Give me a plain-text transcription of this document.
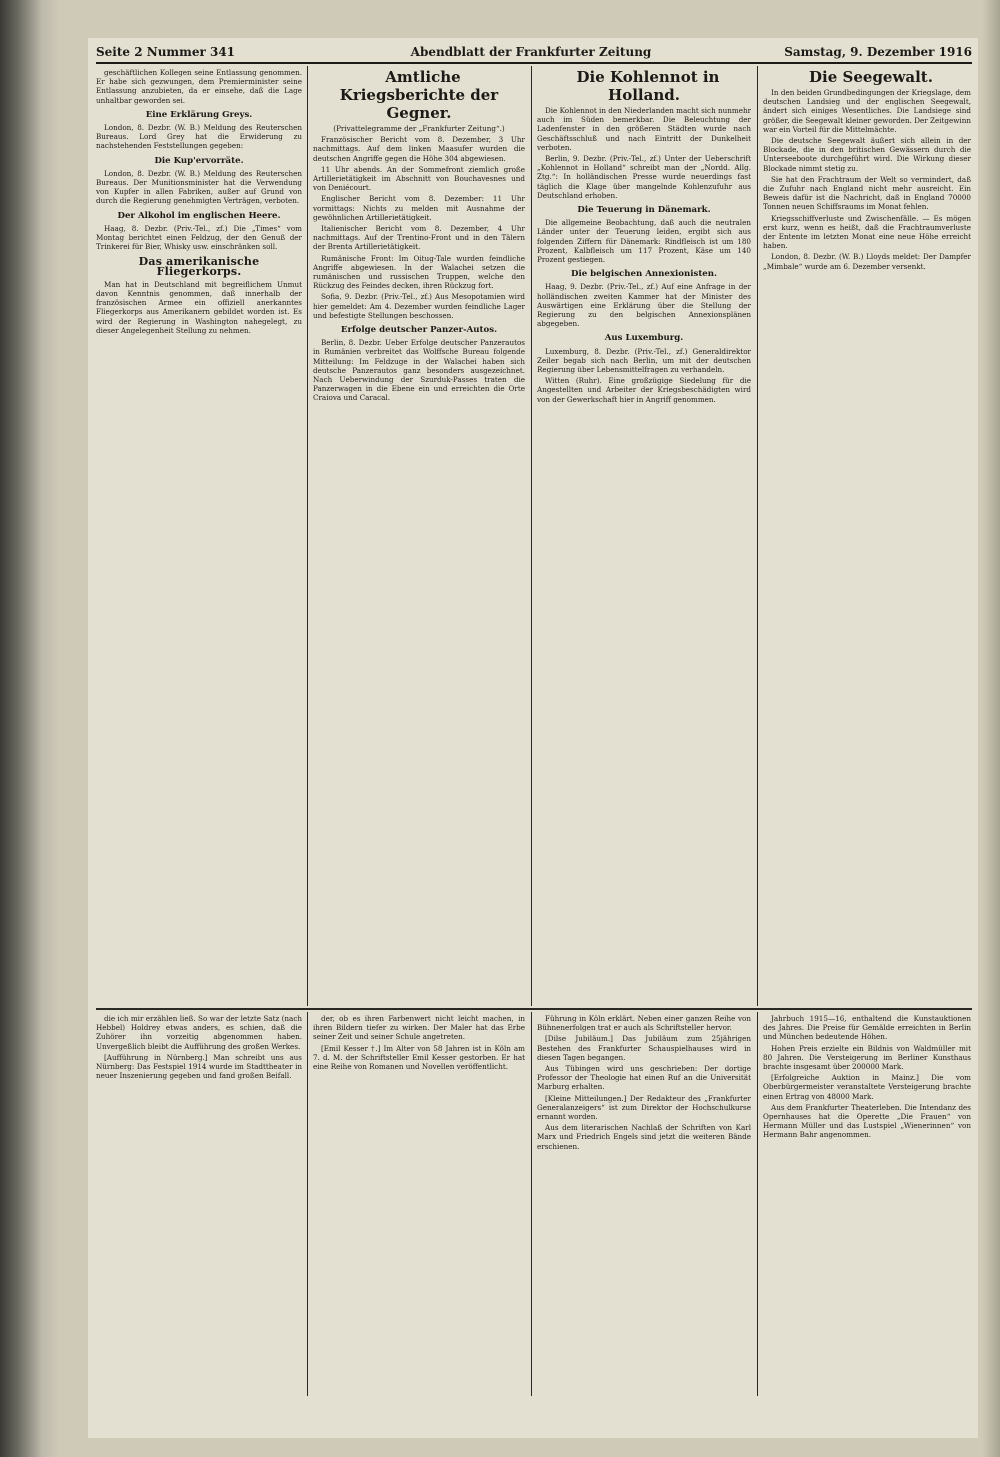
Seite 2 Nummer 341	Abendblatt der Frankfurter Zeitung	Samstag, 9. Dezember 1916

geschäftlichen Kollegen seine Entlassung genommen. Er habe sich gezwungen, dem Premierminister seine Entlassung anzubieten, da er einsehe, daß die Lage unhaltbar geworden sei.

Eine Erklärung Greys.

London, 8. Dezbr. (W. B.) Meldung des Reuterschen Bureaus. Lord Grey hat die Erwiderung zu nachstehenden Feststellungen gegeben:

Die Kup'ervorräte.

London, 8. Dezbr. (W. B.) Meldung des Reuterschen Bureaus. Der Munitionsminister hat die Verwendung von Kupfer in allen Fabriken, außer auf Grund von durch die Regierung genehmigten Verträgen, verboten.

Der Alkohol im englischen Heere.

Haag, 8. Dezbr. (Priv.-Tel., zf.) Die „Times“ vom Montag berichtet einen Feldzug, der den Genuß der Trinkerei für Bier, Whisky usw. einschränken soll.

Das amerikanische Fliegerkorps.

Man hat in Deutschland mit begreiflichem Unmut davon Kenntnis genommen, daß innerhalb der französischen Armee ein offiziell anerkanntes Fliegerkorps aus Amerikanern gebildet worden ist. Es wird der Regierung in Washington nahegelegt, zu dieser Angelegenheit Stellung zu nehmen.

Amtliche Kriegsberichte der Gegner.

(Privattelegramme der „Frankfurter Zeitung“.)

Französischer Bericht vom 8. Dezember, 3 Uhr nachmittags. Auf dem linken Maasufer wurden die deutschen Angriffe gegen die Höhe 304 abgewiesen.

11 Uhr abends. An der Sommefront ziemlich große Artillerietätigkeit im Abschnitt von Bouchavesnes und von Deniécourt.

Englischer Bericht vom 8. Dezember: 11 Uhr vormittags: Nichts zu melden mit Ausnahme der gewöhnlichen Artillerietätigkeit.

Italienischer Bericht vom 8. Dezember, 4 Uhr nachmittags. Auf der Trentino-Front und in den Tälern der Brenta Artillerietätigkeit.

Rumänische Front: Im Oitug-Tale wurden feindliche Angriffe abgewiesen. In der Walachei setzen die rumänischen und russischen Truppen, welche den Rückzug des Feindes decken, ihren Rückzug fort.

Sofia, 9. Dezbr. (Priv.-Tel., zf.) Aus Mesopotamien wird hier gemeldet: Am 4. Dezember wurden feindliche Lager und befestigte Stellungen beschossen.

Erfolge deutscher Panzer-Autos.

Berlin, 8. Dezbr. Ueber Erfolge deutscher Panzerautos in Rumänien verbreitet das Wolffsche Bureau folgende Mitteilung: Im Feldzuge in der Walachei haben sich deutsche Panzerautos ganz besonders ausgezeichnet. Nach Ueberwindung der Szurduk-Passes traten die Panzerwagen in die Ebene ein und erreichten die Orte Craiova und Caracal.

Die Kohlennot in Holland.

Die Kohlennot in den Niederlanden macht sich nunmehr auch im Süden bemerkbar. Die Beleuchtung der Ladenfenster in den größeren Städten wurde nach Geschäftsschluß und nach Eintritt der Dunkelheit verboten.

Berlin, 9. Dezbr. (Priv.-Tel., zf.) Unter der Ueberschrift „Kohlennot in Holland“ schreibt man der „Nordd. Allg. Ztg.“: In holländischen Presse wurde neuerdings fast täglich die Klage über mangelnde Kohlenzufuhr aus Deutschland erhoben.

Die Teuerung in Dänemark.

Die allgemeine Beobachtung, daß auch die neutralen Länder unter der Teuerung leiden, ergibt sich aus folgenden Ziffern für Dänemark: Rindfleisch ist um 180 Prozent, Kalbfleisch um 117 Prozent, Käse um 140 Prozent gestiegen.

Die belgischen Annexionisten.

Haag, 9. Dezbr. (Priv.-Tel., zf.) Auf eine Anfrage in der holländischen zweiten Kammer hat der Minister des Auswärtigen eine Erklärung über die Stellung der Regierung zu den belgischen Annexionsplänen abgegeben.

Aus Luxemburg.

Luxemburg, 8. Dezbr. (Priv.-Tel., zf.) Generaldirektor Zeiler begab sich nach Berlin, um mit der deutschen Regierung über Lebensmittelfragen zu verhandeln.

Witten (Ruhr). Eine großzügige Siedelung für die Angestellten und Arbeiter der Kriegsbeschädigten wird von der Gewerkschaft hier in Angriff genommen.

Die Seegewalt.

In den beiden Grundbedingungen der Kriegslage, dem deutschen Landsieg und der englischen Seegewalt, ändert sich einiges Wesentliches. Die Landsiege sind größer, die Seegewalt kleiner geworden. Der Zeitgewinn war ein Vorteil für die Mittelmächte.

Die deutsche Seegewalt äußert sich allein in der Blockade, die in den britischen Gewässern durch die Unterseeboote durchgeführt wird. Die Wirkung dieser Blockade nimmt stetig zu.

Sie hat den Frachtraum der Welt so vermindert, daß die Zufuhr nach England nicht mehr ausreicht. Ein Beweis dafür ist die Nachricht, daß in England 70000 Tonnen neuen Schiffsraums im Monat fehlen.

Kriegsschiffverluste und Zwischenfälle. — Es mögen erst kurz, wenn es heißt, daß die Frachtraumverluste der Entente im letzten Monat eine neue Höhe erreicht haben.

London, 8. Dezbr. (W. B.) Lloyds meldet: Der Dampfer „Mimbale“ wurde am 6. Dezember versenkt.

die ich mir erzählen ließ. So war der letzte Satz (nach Hebbel) Holdrey etwas anders, es schien, daß die Zuhörer ihn vorzeitig abgenommen haben. Unvergeßlich bleibt die Aufführung des großen Werkes.

[Aufführung in Nürnberg.] Man schreibt uns aus Nürnberg: Das Festspiel 1914 wurde im Stadttheater in neuer Inszenierung gegeben und fand großen Beifall.

der, ob es ihren Farbenwert nicht leicht machen, in ihren Bildern tiefer zu wirken. Der Maler hat das Erbe seiner Zeit und seiner Schule angetreten.

[Emil Kesser †.] Im Alter von 58 Jahren ist in Köln am 7. d. M. der Schriftsteller Emil Kesser gestorben. Er hat eine Reihe von Romanen und Novellen veröffentlicht.

Führung in Köln erklärt. Neben einer ganzen Reihe von Bühnenerfolgen trat er auch als Schriftsteller hervor.

[Dilse Jubiläum.] Das Jubiläum zum 25jährigen Bestehen des Frankfurter Schauspielhauses wird in diesen Tagen begangen.

Aus Tübingen wird uns geschrieben: Der dortige Professor der Theologie hat einen Ruf an die Universität Marburg erhalten.

[Kleine Mitteilungen.] Der Redakteur des „Frankfurter Generalanzeigers“ ist zum Direktor der Hochschulkurse ernannt worden.

Aus dem literarischen Nachlaß der Schriften von Karl Marx und Friedrich Engels sind jetzt die weiteren Bände erschienen.

Jahrbuch 1915—16, enthaltend die Kunstauktionen des Jahres. Die Preise für Gemälde erreichten in Berlin und München bedeutende Höhen.

Hohen Preis erzielte ein Bildnis von Waldmüller mit 80 Jahren. Die Versteigerung im Berliner Kunsthaus brachte insgesamt über 200000 Mark.

[Erfolgreiche Auktion in Mainz.] Die vom Oberbürgermeister veranstaltete Versteigerung brachte einen Ertrag von 48000 Mark.

Aus dem Frankfurter Theaterleben. Die Intendanz des Opernhauses hat die Operette „Die Frauen“ von Hermann Müller und das Lustspiel „Wienerinnen“ von Hermann Bahr angenommen.
